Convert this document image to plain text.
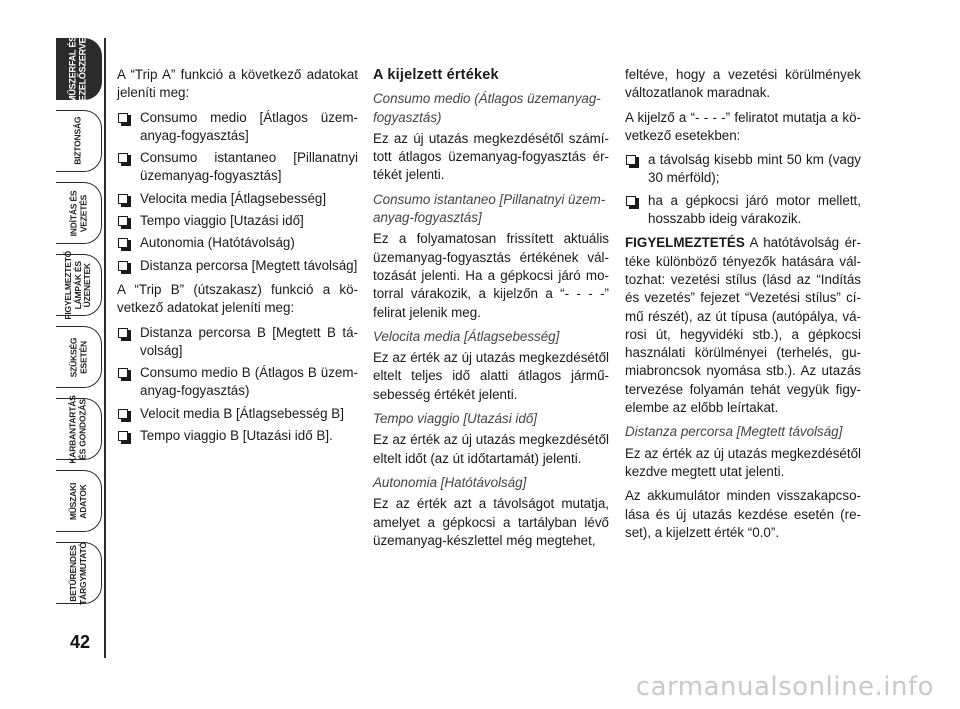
MŰSZERFAL ÉS
KEZELŐSZERVEK
BIZTONSÁG
INDÍTÁS ÉS
VEZETÉS
FIGYELMEZTETŐ
LÁMPÁK ÉS
ÜZENETEK
SZÜKSÉG
ESETÉN
KARBANTARTÁS
ÉS GONDOZÁS
MŰSZAKI
ADATOK
BETŰRENDES
TÁRGYMUTATÓ
42

A “Trip A” funkció a következő adatokat jeleníti meg:

Consumo medio [Átlagos üzemanyag-fogyasztás]
Consumo istantaneo [Pillanatnyi üzemanyag-fogyasztás]
Velocita media [Átlagsebesség]
Tempo viaggio [Utazási idő]
Autonomia (Hatótávolság)
Distanza percorsa [Megtett távolság]

A “Trip B” (útszakasz) funkció a következő adatokat jeleníti meg:

Distanza percorsa B [Megtett B távolság]
Consumo medio B (Átlagos B üzemanyag-fogyasztás)
Velocit media B [Átlagsebesség B]
Tempo viaggio B [Utazási idő B].

A kijelzett értékek

Consumo medio (Átlagos üzemanyag-fogyasztás)

Ez az új utazás megkezdésétől számított átlagos üzemanyag-fogyasztás értékét jelenti.

Consumo istantaneo [Pillanatnyi üzemanyag-fogyasztás]

Ez a folyamatosan frissített aktuális üzemanyag-fogyasztás értékének változását jelenti. Ha a gépkocsi járó motorral várakozik, a kijelzőn a “- - - -” felirat jelenik meg.

Velocita media [Átlagsebesség]

Ez az érték az új utazás megkezdésétől eltelt teljes idő alatti átlagos járműsebesség értékét jelenti.

Tempo viaggio [Utazási idő]

Ez az érték az új utazás megkezdésétől eltelt időt (az út időtartamát) jelenti.

Autonomia [Hatótávolság]

Ez az érték azt a távolságot mutatja, amelyet a gépkocsi a tartályban lévő üzemanyag-készlettel még megtehet,

feltéve, hogy a vezetési körülmények változatlanok maradnak.

A kijelző a “- - - -” feliratot mutatja a következő esetekben:

a távolság kisebb mint 50 km (vagy 30 mérföld);
ha a gépkocsi járó motor mellett, hosszabb ideig várakozik.

FIGYELMEZTETÉS A hatótávolság értéke különböző tényezők hatására változhat: vezetési stílus (lásd az “Indítás és vezetés” fejezet “Vezetési stílus” című részét), az út típusa (autópálya, városi út, hegyvidéki stb.), a gépkocsi használati körülményei (terhelés, gumiabroncsok nyomása stb.). Az utazás tervezése folyamán tehát vegyük figyelembe az előbb leírtakat.

Distanza percorsa [Megtett távolság]

Ez az érték az új utazás megkezdésétől kezdve megtett utat jelenti.

Az akkumulátor minden visszakapcsolása és új utazás kezdése esetén (reset), a kijelzett érték “0.0”.

carmanualsonline.info
